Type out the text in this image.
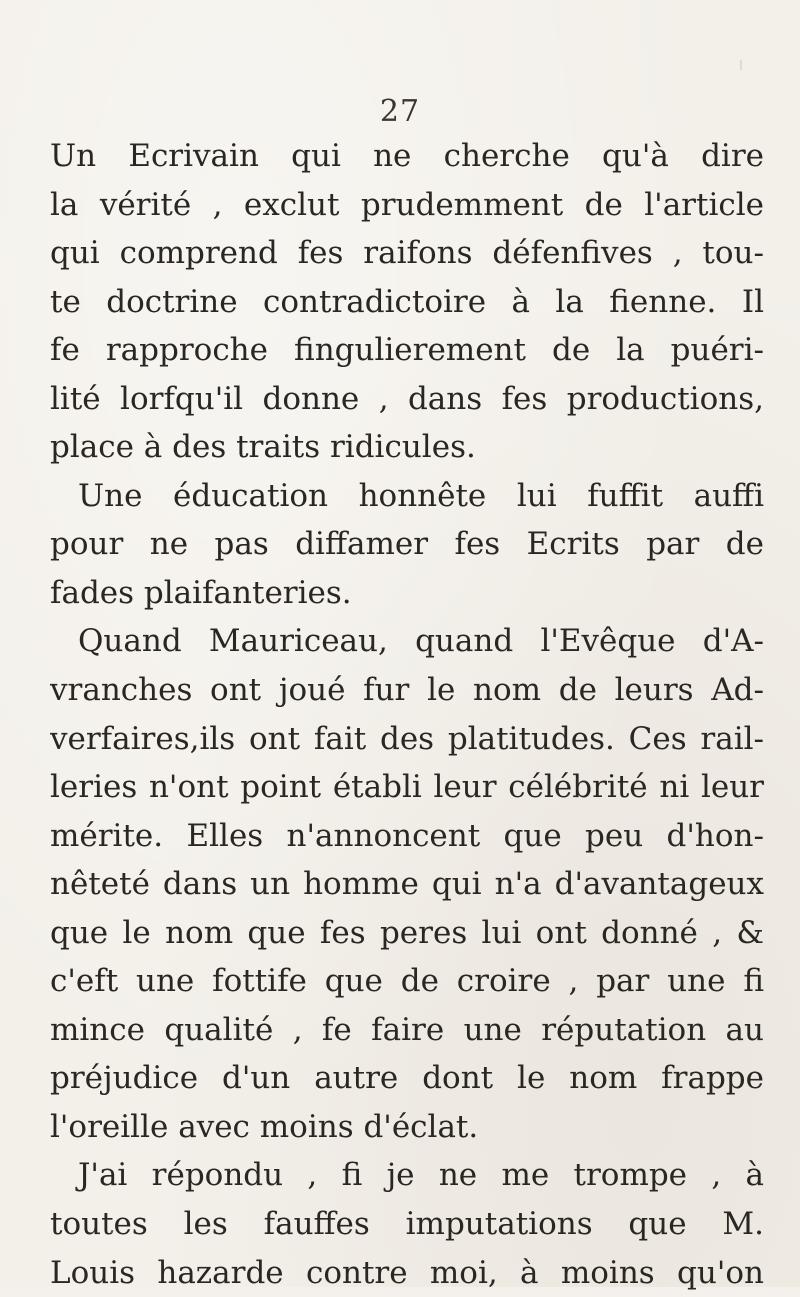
27
Un Ecrivain qui ne cherche qu'à dire
la vérité , exclut prudemment de l'article
qui comprend fes raifons défenfives , tou-
te doctrine contradictoire à la fienne. Il
fe rapproche fingulierement de la puéri-
lité lorfqu'il donne , dans fes productions,
place à des traits ridicules.
Une éducation honnête lui fuffit auffi
pour ne pas diffamer fes Ecrits par de
fades plaifanteries.
Quand Mauriceau, quand l'Evêque d'A-
vranches ont joué fur le nom de leurs Ad-
verfaires,ils ont fait des platitudes. Ces rail-
leries n'ont point établi leur célébrité ni leur
mérite. Elles n'annoncent que peu d'hon-
nêteté dans un homme qui n'a d'avantageux
que le nom que fes peres lui ont donné , &
c'eft une fottife que de croire , par une fi
mince qualité , fe faire une réputation au
préjudice d'un autre dont le nom frappe
l'oreille avec moins d'éclat.
J'ai répondu , fi je ne me trompe , à
toutes les fauffes imputations que M.
Louis hazarde contre moi, à moins qu'on
